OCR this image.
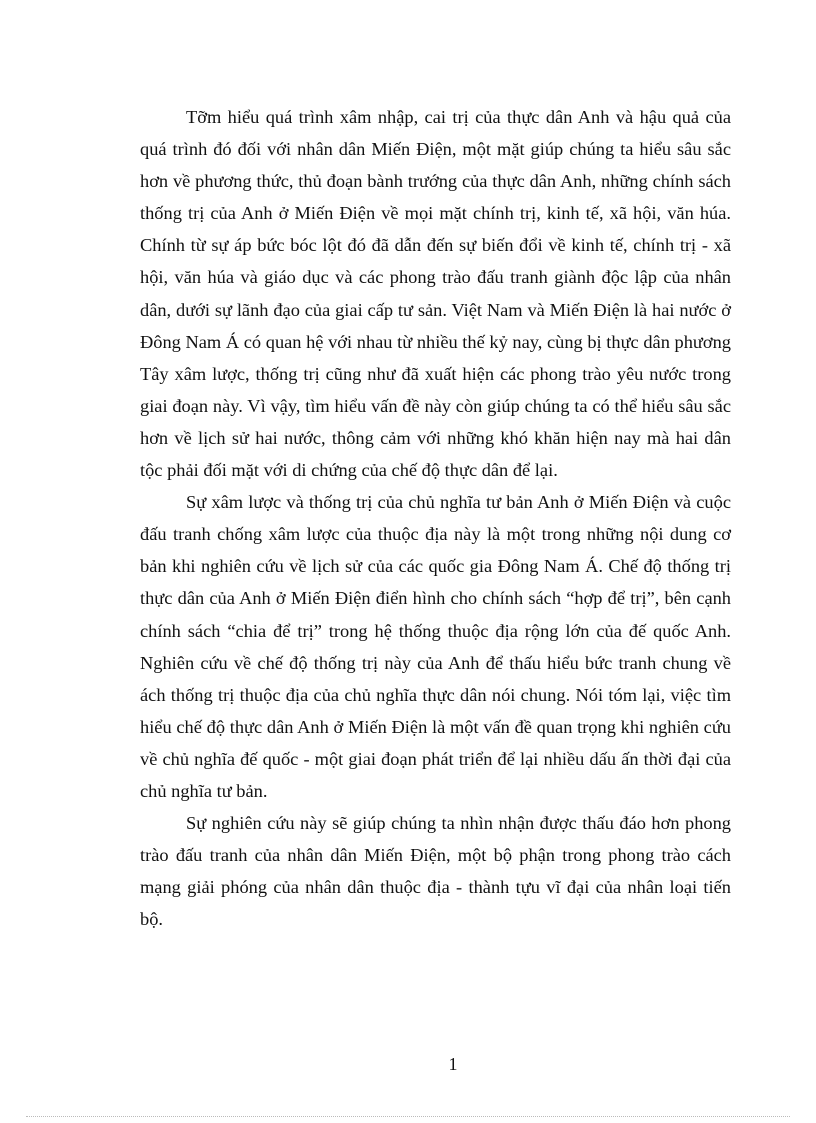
Tỡm hiểu quá trình xâm nhập, cai trị của thực dân Anh và hậu quả của quá trình đó đối với nhân dân Miến Điện, một mặt giúp chúng ta hiểu sâu sắc hơn về phương thức, thủ đoạn bành trướng của thực dân Anh, những chính sách thống trị của Anh ở Miến Điện về mọi mặt chính trị, kinh tế, xã hội, văn húa. Chính từ sự áp bức bóc lột đó đã dẫn đến sự biến đổi về kinh tế, chính trị - xã hội, văn húa và giáo dục và các phong trào đấu tranh giành độc lập của nhân dân, dưới sự lãnh đạo của giai cấp tư sản. Việt Nam và Miến Điện là hai nước ở Đông Nam Á có quan hệ với nhau từ nhiều thế kỷ nay, cùng bị thực dân phương Tây xâm lược, thống trị cũng như đã xuất hiện các phong trào yêu nước trong giai đoạn này. Vì vậy, tìm hiểu vấn đề này còn giúp chúng ta có thể hiểu sâu sắc hơn về lịch sử hai nước, thông cảm với những khó khăn hiện nay mà hai dân tộc phải đối mặt với di chứng của chế độ thực dân để lại.

Sự xâm lược và thống trị của chủ nghĩa tư bản Anh ở Miến Điện và cuộc đấu tranh chống xâm lược của thuộc địa này là một trong những nội dung cơ bản khi nghiên cứu về lịch sử của các quốc gia Đông Nam Á. Chế độ thống trị thực dân của Anh ở Miến Điện điển hình cho chính sách “hợp để trị”, bên cạnh chính sách “chia để trị” trong hệ thống thuộc địa rộng lớn của đế quốc Anh. Nghiên cứu về chế độ thống trị này của Anh để thấu hiểu bức tranh chung về ách thống trị thuộc địa của chủ nghĩa thực dân nói chung. Nói tóm lại, việc tìm hiểu chế độ thực dân Anh ở Miến Điện là một vấn đề quan trọng khi nghiên cứu về chủ nghĩa đế quốc - một giai đoạn phát triển để lại nhiều dấu ấn thời đại của chủ nghĩa tư bản.

Sự nghiên cứu này sẽ giúp chúng ta nhìn nhận được thấu đáo hơn phong trào đấu tranh của nhân dân Miến Điện, một bộ phận trong phong trào cách mạng giải phóng của nhân dân thuộc địa - thành tựu vĩ đại của nhân loại tiến bộ.

1
